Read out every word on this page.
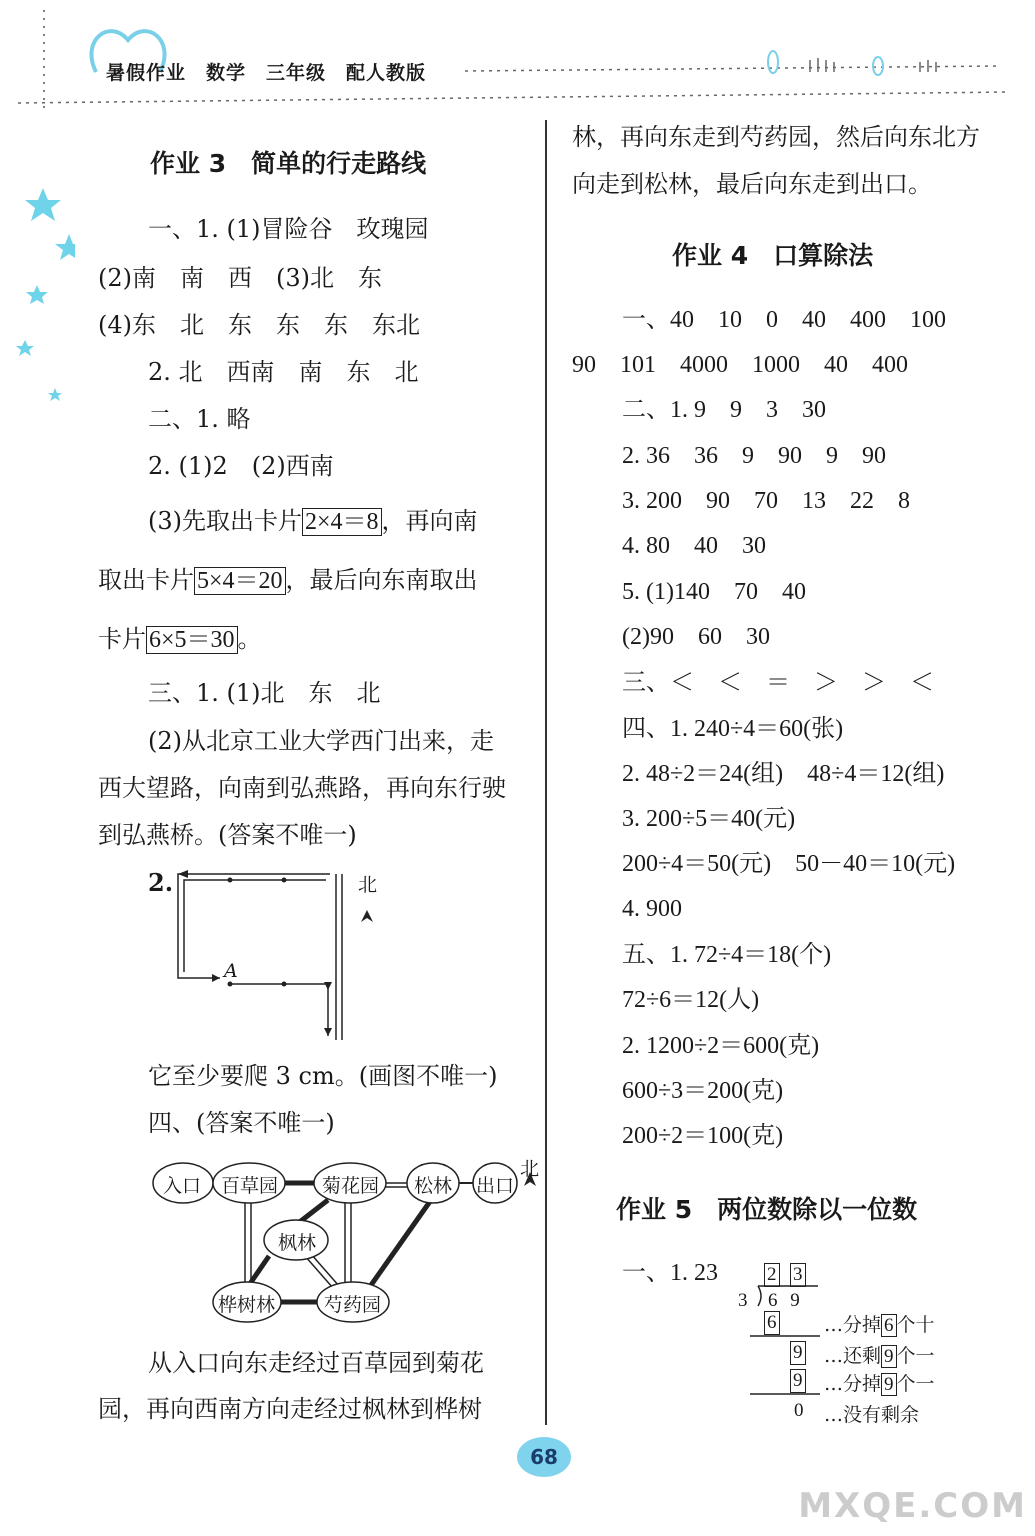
暑假作业　数学　三年级　配人教版
作业 3　简单的行走路线
一、1. (1)冒险谷　玫瑰园
(2)南　南　西　(3)北　东
(4)东　北　东　东　东　东北
2. 北　西南　南　东　北
二、1. 略
2. (1)2　(2)西南
(3)先取出卡片 2×4＝8 ，再向南
取出卡片 5×4＝20 ，最后向东南取出
卡片 6×5＝30 。
三、1. (1)北　东　北
(2)从北京工业大学西门出来，走
西大望路，向南到弘燕路，再向东行驶
到弘燕桥。(答案不唯一)
2.	北
A
它至少要爬 3 cm。(画图不唯一)
四、(答案不唯一)
入口 百草园 菊花园 松林 出口
枫林
桦树林	芍药园
北
从入口向东走经过百草园到菊花
园，再向西南方向走经过枫林到桦树
林，再向东走到芍药园，然后向东北方
向走到松林，最后向东走到出口。
作业 4　口算除法
一、40　10　0　40　400　100
90　101　4000　1000　40　400
二、1. 9　9　3　30
2. 36　36　9　90　9　90
3. 200　90　70　13　22　8
4. 80　40　30
5. (1)140　70　40
(2)90　60　30
三、＜　＜　＝　＞　＞　＜
四、1. 240÷4＝60(张)
2. 48÷2＝24(组)　48÷4＝12(组)
3. 200÷5＝40(元)
200÷4＝50(元)　50－40＝10(元)
4. 900
五、1. 72÷4＝18(个)
72÷6＝12(人)
2. 1200÷2＝600(克)
600÷3＝200(克)
200÷2＝100(克)
作业 5　两位数除以一位数
一、1. 23	2 3
3 6 9
6	…分掉 6 个十
9 …还剩 9 个一
9 …分掉 9 个一
0 …没有剩余
68
MXQE.COM
